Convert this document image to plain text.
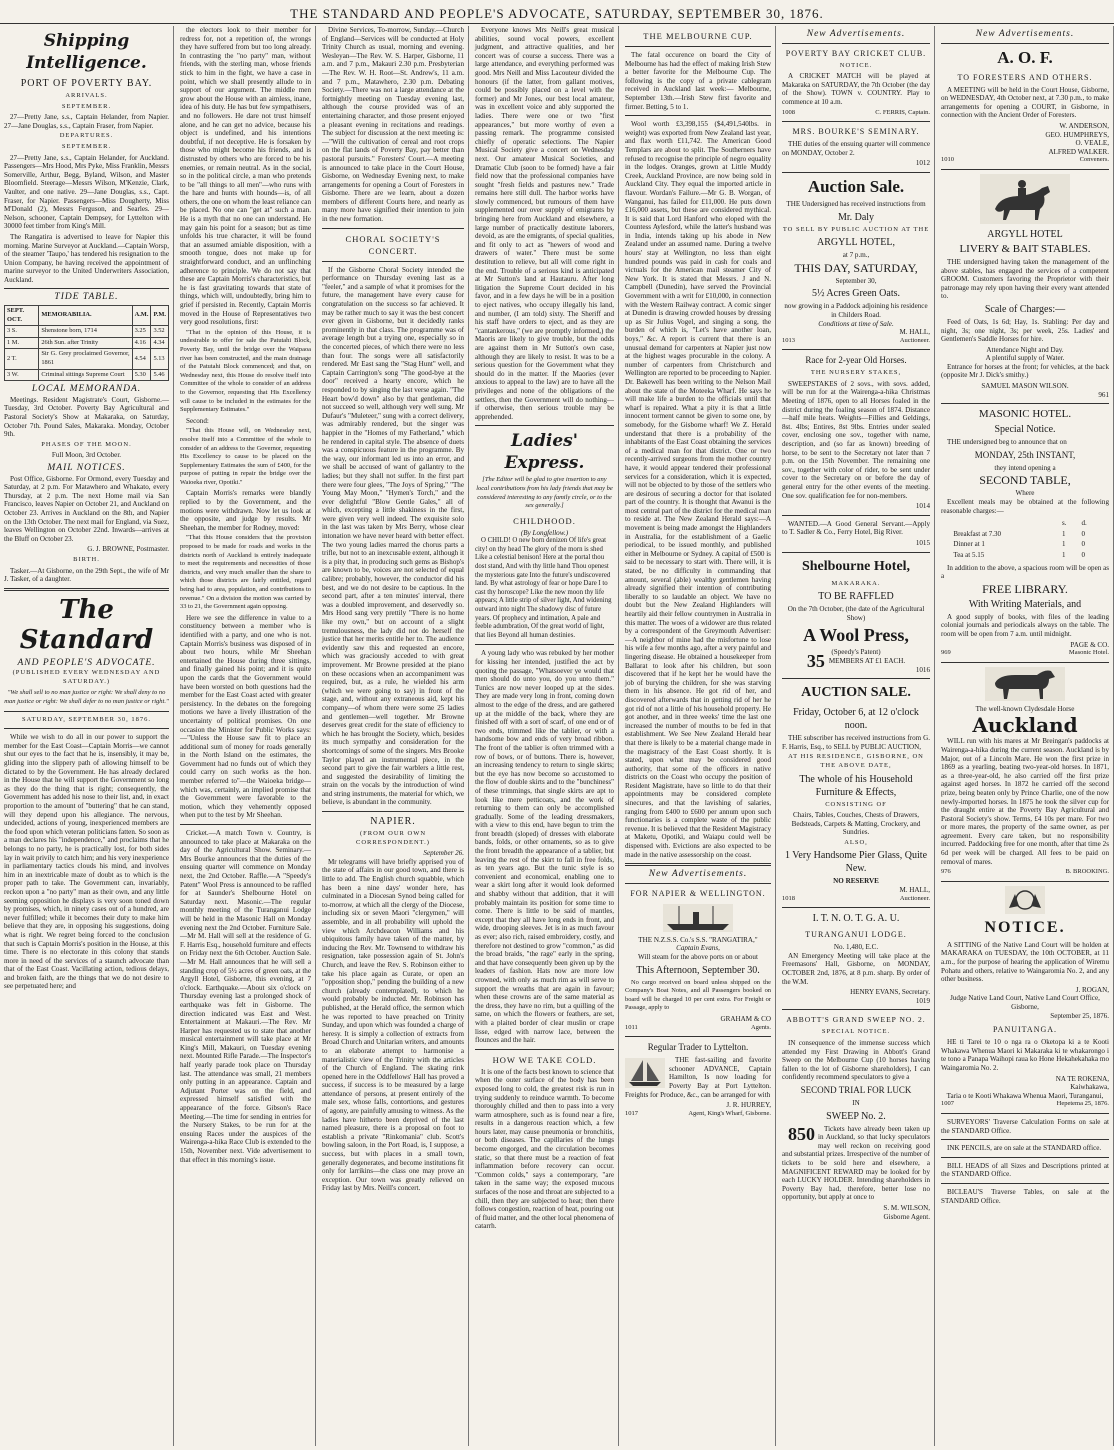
THE STANDARD AND PEOPLE'S ADVOCATE, SATURDAY, SEPTEMBER 30, 1876.
Shipping Intelligence.
PORT OF POVERTY BAY.
ARRIVALS.
SEPTEMBER.
27—Pretty Jane, s.s., Captain Helander, from Napier. 27—Jane Douglas, s.s., Captain Fraser, from Napier.
DEPARTURES.
SEPTEMBER.
27—Pretty Jane, s.s., Captain Helander, for Auckland. Passengers—Mrs Hood, Mrs Pyke, Miss Franklin, Messrs Somerville, Arthur, Begg, Byland, Wilson, and Master Bloomfield. Steerage—Messrs Wilson, M'Kenzie, Clark, Vaulter, and one native. 29—Jane Douglas, s.s., Capt. Fraser, for Napier. Passengers—Miss Dougherty, Miss M'Donald (2), Messrs Ferguson, and Searles. 29—Nelson, schooner, Captain Dempsey, for Lyttelton with 30000 feet timber from King's Mill.
The Rangatira is advertised to leave for Napier this morning. Marine Surveyor at Auckland.—Captain Worsp, of the steamer 'Taupo,' has tendered his resignation to the Union Company, he having received the appointment of marine surveyor to the United Underwriters Association, Auckland.
TIDE TABLE.
SEPT. OCT.	MEMORABILIA.	A.M.	P.M.
3 S.	Shenstone born, 1714	3.25	3.52
1 M.	26th Sun. after Trinity	4.16	4.34
2 T.	Sir G. Grey proclaimed Governor, 1861	4.54	5.13
3 W.	Criminal sittings Supreme Court	5.30	5.46
LOCAL MEMORANDA.
Meetings. Resident Magistrate's Court, Gisborne.—Tuesday, 3rd October. Poverty Bay Agricultural and Pastoral Society's Show at Makaraka, on Saturday, October 7th. Pound Sales, Makaraka. Monday, October 9th.
PHASES OF THE MOON.
Full Moon, 3rd October.
MAIL NOTICES.
Post Office, Gisborne. For Ormond, every Tuesday and Saturday, at 2 p.m. For Matawhero and Whakato, every Thursday, at 2 p.m. The next Home mail via San Francisco, leaves Napier on October 21, and Auckland on October 23. Arrives in Auckland on the 8th, and Napier on the 13th October. The next mail for England, via Suez, leaves Wellington on October 22nd. Inwards—arrives at the Bluff on October 23.
G. J. BROWNE, Postmaster.
BIRTH.
Tasker.—At Gisborne, on the 29th Sept., the wife of Mr J. Tasker, of a daughter.
The Standard
AND PEOPLE'S ADVOCATE.
(PUBLISHED EVERY WEDNESDAY AND SATURDAY.)
"We shall sell to no man justice or right: We shall deny to no man justice or right: We shall defer to no man justice or right."
SATURDAY, SEPTEMBER 30, 1876.
While we wish to do all in our power to support the member for the East Coast—Captain Morris—we cannot shut our eyes to the fact that he is, insensibly, it may be, gliding into the slippery path of allowing himself to be dictated to by the Government. He has already declared in the House that he will support the Government so long as they do the thing that is right; consequently, the Government has added his nose to their list, and, in exact proportion to the amount of "buttering" that he can stand, will they depend upon his allegiance. The nervous, undecided, actions of young, inexperienced members are the food upon which veteran politicians fatten. So soon as a man declares his "independence," and proclaims that he belongs to no party, he is practically lost, for both sides lay in wait privily to catch him; and his very inexperience in parliamentary tactics clouds his mind, and involves him in an inextricable maze of doubt as to which is the proper path to take. The Government can, invariably, reckon upon a "no party" man as their own, and any little seeming opposition he displays is very soon toned down by promises, which, in ninety cases out of a hundred, are never fulfilled; while it becomes their duty to make him believe that they are, in opposing his suggestions, doing what is right. We regret being forced to the conclusion that such is Captain Morris's position in the House, at this time. There is no electorate in this colony that stands more in need of the services of a staunch advocate than that of the East Coast. Vacillating action, tedious delays, and broken faith, are the things that we do not desire to see perpetuated here; and
the electors look to their member for redress for, not a repetition of, the wrongs they have suffered from but too long already. In contrasting the "no party" man, without friends, with the sterling man, whose friends stick to him in the fight, we have a case in point, which we shall presently allude to in support of our argument. The middle men grow about the House with an aimless, inane, idea of his duty. He has but few sympathisers, and no followers. He dare not trust himself alone, and he can get no advice, because his object is undefined, and his intentions doubtful, if not deceptive. He is forsaken by those who might become his friends, and is distrusted by others who are forced to be his enemies, or remain neutral. As in the social, so in the political circle, a man who pretends to be "all things to all men"—who runs with the hare and hunts with hounds—is, of all others, the one on whom the least reliance can be placed. No one can "get at" such a man. He is a myth that no one can understand. He may gain his point for a season; but as time unfolds his true character, it will be found that an assumed amiable disposition, with a smooth tongue, does not make up for straightforward conduct, and an unflinching adherence to principle. We do not say that these are Captain Morris's characteristics, but he is fast gravitating towards that state of things, which will, undoubtedly, bring him to grief if persisted in. Recently, Captain Morris moved in the House of Representatives two very good resolutions, first:
"That in the opinion of this House, it is undesirable to offer for sale the Patutahi Block, Poverty Bay, until the bridge over the Waipaoa river has been constructed, and the main drainage of the Patutahi Block commenced; and that, on Wednesday next, this House do resolve itself into Committee of the whole to consider of an address to the Governor, requesting that His Excellency will cause to be included in the estimates for the Supplementary Estimates."
Second:
"That this House will, on Wednesday next, resolve itself into a Committee of the whole to consider of an address to the Governor, requesting His Excellency to cause to be placed on the Supplementary Estimates the sum of £400, for the purpose of putting in repair the bridge over the Waioeka river, Opotiki."
Captain Morris's remarks were blandly replied to by the Government, and the motions were withdrawn. Now let us look at the opposite, and judge by results. Mr Sheehan, the member for Rodney, moved:
"That this House considers that the provision proposed to be made for roads and works in the districts north of Auckland is entirely inadequate to meet the requirements and necessities of those districts, and very much smaller than the share to which those districts are fairly entitled, regard being had to area, population, and contributions to revenue." On a division the motion was carried by 33 to 21, the Government again opposing.
Here we see the difference in value to a constituency between a member who is identified with a party, and one who is not. Captain Morris's business was disposed of in about two hours, while Mr Sheehan entertained the House during three sittings, and finally gained his point; and it is quite upon the cards that the Government would have been worsted on both questions had the member for the East Coast acted with greater persistency. In the debates on the foregoing motions we have a lively illustration of the uncertainty of political promises. On one occasion the Minister for Public Works says:—"Unless the House saw fit to place an additional sum of money for roads generally in the North Island on the estimates, the Government had no funds out of which they could carry on such works as the hon. member referred to"—the Waioeka bridge—which was, certainly, an implied promise that the Government were favorable to the motion, which they vehemently opposed when put to the test by Mr Sheehan.
Cricket.—A match Town v. Country, is announced to take place at Makaraka on the day of the Agricultural Show. Seminary.—Mrs Bourke announces that the duties of the ensuing quarter will commence on Monday next, the 2nd October. Raffle.—A "Speedy's Patent" Wool Press is announced to be raffled for at Saunder's Shelbourne Hotel on Saturday next. Masonic.—The regular monthly meeting of the Turanganui Lodge will be held in the Masonic Hall on Monday evening next the 2nd October. Furniture Sale.—Mr M. Hall will sell at the residence of G. F. Harris Esq., household furniture and effects on Friday next the 6th October. Auction Sale.—Mr M. Hall announces that he will sell a standing crop of 5½ acres of green oats, at the Argyll Hotel, Gisborne, this evening, at 7 o'clock. Earthquake.—About six o'clock on Thursday evening last a prolonged shock of earthquake was felt in Gisborne. The direction indicated was East and West. Entertainment at Makauri.—The Rev. Mr Harper has requested us to state that another musical entertainment will take place at Mr King's Mill, Makauri, on Tuesday evening next. Mounted Rifle Parade.—The Inspector's half yearly parade took place on Thursday last. The attendance was small, 21 members only putting in an appearance. Captain and Adjutant Porter was on the field, and expressed himself satisfied with the appearance of the force. Gibson's Race Meeting.—The time for sending in entries for the Nursery Stakes, to be run for at the ensuing Races under the auspices of the Wairenga-a-hika Race Club is extended to the 15th, November next. Vide advertisement to that effect in this morning's issue.
Divine Services, To-morrow, Sunday.—Church of England—Services will be conducted at Holy Trinity Church as usual, morning and evening. Wesleyan—The Rev. W. S. Harper, Gisborne, 11 a.m. and 7 p.m., Makauri 2.30 p.m. Presbyterian—The Rev. W. H. Root—St. Andrew's, 11 a.m. and 7 p.m., Matawhero, 2.30 p.m. Debating Society.—There was not a large attendance at the fortnightly meeting on Tuesday evening last, although the course provided was of an entertaining character, and those present enjoyed a pleasant evening in recitations and readings. The subject for discussion at the next meeting is:—"Will the cultivation of cereal and root crops on the flat lands of Poverty Bay, pay better than pastoral pursuits." Foresters' Court.—A meeting is announced to take place in the Court House, Gisborne, on Wednesday Evening next, to make arrangements for opening a Court of Foresters in Gisborne. There are we learn, about a dozen members of different Courts here, and nearly as many more have signified their intention to join in the new formation.
CHORAL SOCIETY'S CONCERT.
If the Gisborne Choral Society intended the performance on Thursday evening last as a "feeler," and a sample of what it promises for the future, the management have every cause for congratulation on the success so far achieved. It may be rather much to say it was the best concert ever given in Gisborne, but it decidedly ranks prominently in that class. The programme was of average length but a trying one, especially so in the concerted pieces, of which there were no less than four. The songs were all satisfactorily rendered. Mr East sang the "Stag Hunt" well, and Captain Carrington's song "The good-bye at the door" received a hearty encore, which he responded to by singing the last verse again. "The Heart bow'd down" also by that gentleman, did not succeed so well, although very well sung. Mr Dufaur's "Muleteer," sung with a correct delivery, was admirably rendered, but the singer was happier in the "Homes of my Fatherland," which he rendered in capital style. The absence of duets was a conspicuous feature in the programme. By the way, our informant led us into an error, and we shall be accused of want of gallantry to the ladies; but they shall not suffer. In the first part there were four glees, "The Joys of Spring," "The Young May Moon," "Hymen's Torch," and the ever delightful "Blow Gentle Gales," all of which, excepting a little shakiness in the first, were given very well indeed. The exquisite solo in the last was taken by Mrs Berry, whose clear intonation we have never heard with better effect. The two young ladies marred the chorus parts a trifle, but not to an inexcusable extent, although it is a pity that, in producing such gems as Bishop's are known to be, voices are not selected of equal calibre; probably, however, the conductor did his best, and we do not desire to be captious. In the second part, after a ten minutes' interval, there was a doubled improvement, and deservedly so. Mrs Hood sang very prettily "There is no home like my own," but on account of a slight tremulousness, the lady did not do herself the justice that her merits entitle her to. The audience evidently saw this and requested an encore, which was graciously acceded to with great improvement. Mr Browne presided at the piano on these occasions when an accompaniment was required, but, as a rule, he wielded his arm (which we were going to say) in front of the stage, and, without any extraneous aid, kept his company—of whom there were some 25 ladies and gentlemen—well together. Mr Browne deserves great credit for the state of efficiency to which he has brought the Society, which, besides its much sympathy and consideration for the shortcomings of some of the singers. Mrs Brooke Taylor played an instrumental piece, in the second part to give the fair warblers a little rest, and suggested the desirability of limiting the strain on the vocals by the introduction of wind and string instruments, the material for which, we believe, is abundant in the community.
NAPIER.
(FROM OUR OWN CORRESPONDENT.)
September 26.
Mr telegrams will have briefly apprised you of the state of affairs in our good town, and there is little to add. The English church squabble, which has been a nine days' wonder here, has culminated in a Diocesan Synod being called for to-morrow, at which all the clergy of the Diocese, including six or seven Maori "clergymen," will assemble, and in all probability will uphold the view which Archdeacon Williams and his ubiquitous family have taken of the matter, by inducing the Rev. Mr. Townsend to withdraw his resignation, take possession again of St. John's Church, and leave the Rev. S. Robinson either to take his place again as Curate, or open an "opposition shop," pending the building of a new church (already contemplated), to which he would probably be inducted. Mr. Robinson has published, at the Herald office, the sermon which he was reported to have preached on Trinity Sunday, and upon which was founded a charge of heresy. It is simply a collection of extracts from Broad Church and Unitarian writers, and amounts to an elaborate attempt to harmonise a materialistic view of the Trinity with the articles of the Church of England. The skating rink opened here in the Oddfellows' Hall has proved a success, if success is to be measured by a large attendance of persons, at present entirely of the male sex, whose falls, contortions, and gestures of agony, are painfully amusing to witness. As the ladies have hitherto been deprived of the last named pleasure, there is a proposal on foot to establish a private "Rinkomania" club. Scott's bowling saloon, in the Port Road, is, I suppose, a success, but with places in a small town, generally degenerates, and become institutions fit only for larrikins—the class one may prove an exception. Our town was greatly relieved on Friday last by Mrs. Neill's concert.
Everyone knows Mrs Neill's great musical abilities, sound vocal powers, excellent judgment, and attractive qualities, and her concert was of course a success. There was a large attendance, and everything performed was good. Mrs Neill and Miss Lacouteur divided the honours (if the latter, from gallant motives, could be possibly placed on a level with the former) and Mr Jones, our best local amateur, was in excellent voice and ably supported the ladies. There were one or two "first appearances," but more worthy of even a passing remark. The programme consisted chiefly of operatic selections. The Napier Musical Society give a concert on Wednesday next. Our amateur Musical Societies, and Dramatic Club (soon to be formed) have a fair field now that the professional companies have sought "fresh fields and pastures new." Trade remains here still dull. The harbor works have slowly commenced, but rumours of them have supplemented our over supply of emigrants by bringing here from Auckland and elsewhere, a large number of practically destitute laborers, devoid, as are the emigrants, of special qualities, and fit only to act as "hewers of wood and drawers of water." There must be some destitution to relieve, but all will come right in the end. Trouble of a serious kind is anticipated at Mr Sutton's land at Hautauru. After long litigation the Supreme Court decided in his favor, and in a few days he will be in a position to eject natives, who occupy illegally his land, and number, (I am told) sixty. The Sheriff and his staff have orders to eject, and as they are "cantankerous," (we are promptly informed,) the Maoris are likely to give trouble, but the odds are against them in Mr Sutton's own case, although they are likely to resist. It was to be a serious question for the Government what they should do in the matter. If the Maories (ever anxious to appeal to the law) are to have all the privileges and none of the obligations of the settlers, then the Government will do nothing—if otherwise, then serious trouble may be apprehended.
Ladies' Express.
[The Editor will be glad to give insertion to any local contributions from his lady friends that may be considered interesting to any family circle, or to the sex generally.]
CHILDHOOD.
(By Longfellow.)
O CHILD! O new born denizen Of life's great city! on thy head The glory of the morn is shed Like a celestial benison! Here at the portal thou dost stand, And with thy little hand Thou openest the mysterious gate Into the future's undiscovered land. By what astrology of fear or hope Dare I to cast thy horoscope? Like the new moon thy life appears; A little strip of silver light, And widening outward into night The shadowy disc of future years. Of prophecy and intimation, A pale and feeble adumbration, Of the great world of light, that lies Beyond all human destinies.
A young lady who was rebuked by her mother for kissing her intended, justified the act by quoting the passage, "Whatsoever ye would that men should do unto you, do you unto them." Tunics are now never looped up at the sides. They are made very long in front, coming down almost to the edge of the dress, and are gathered up at the middle of the back, where they are finished off with a sort of scarf, of one end or of two ends, trimmed like the tablier, or with a handsome bow and ends of very broad ribbon. The front of the tablier is often trimmed with a row of bows, or of buttons. There is, however, an increasing tendency to return to single skirts; but the eye has now become so accustomed to the flow of double skirts and to the "bunchiness" of these trimmings, that single skirts are apt to look like mere petticoats, and the work of returning to them can only be accomplished gradually. Some of the leading dressmakers, with a view to this end, have begun to trim the front breadth (sloped) of dresses with elaborate bands, folds, or other ornaments, so as to give the front breadth the appearance of a tablier, but leaving the rest of the skirt to fall in free folds, as ten years ago. But the tunic style is so convenient and economical, enabling one to wear a skirt long after it would look deformed and shabby without that addition, that it will probably maintain its position for some time to come. There is little to be said of mantles, except that they all have long ends in front, and wide, drooping sleeves. Jet is in as much favour as ever; also rich, raised embroidery, costly, and therefore not destined to grow "common," as did the broad braids, "the rage" early in the spring, and that have consequently been given up by the leaders of fashion. Hats now are more low crowned, with only as much rim as will serve to support the wreaths that are again in favour; when these crowns are of the same material as the dress, they have no rim, but a quilling of the same, on which the flowers or feathers, are set, with a plaited border of clear muslin or crape lisse, edged with narrow lace, between the flounces and the hair.
HOW WE TAKE COLD.
It is one of the facts best known to science that when the outer surface of the body has been exposed long to cold, the greatest risk is run in trying suddenly to reinduce warmth. To become thoroughly chilled and then to pass into a very warm atmosphere, such as is found near a fire, results in a dangerous reaction which, a few hours later, may cause pneumonia or bronchitis, or both diseases. The capillaries of the lungs become engorged, and the circulation becomes static, so that there must be a reaction of feat inflammation before recovery can occur. "Common colds," says a contemporary, "are taken in the same way; the exposed mucous surfaces of the nose and throat are subjected to a chill, then they are subjected to heat; then there follows congestion, reaction of heat, pouring out of fluid matter, and the other local phenomena of catarrh.
THE MELBOURNE CUP.
The fatal occurence on board the City of Melbourne has had the effect of making Irish Stew a better favorite for the Melbourne Cup. The following is the copy of a private cablegram received in Auckland last week:— Melbourne, September 13th.—Irish Stew first favorite and firmer. Betting, 5 to 1.
Wool worth £3,398,155 ($4,491,540lbs. in weight) was exported from New Zealand last year, and flax worth £11,742. The American Good Templars are about to split. The Southerners have refused to recognise the principle of negro equality in the lodges. Oranges, grown at Little Muddy Creek, Auckland Province, are now being sold in Auckland City. They equal the imported article in flavour. Wordan's Failure.—Mr G. B. Worgan, of Wanganui, has failed for £11,000. He puts down £16,000 assets, but these are considered mythical. It is said that Lord Hanford who eloped with the Countess Aylesford, while the latter's husband was in India, intends taking up his abode in New Zealand under an assumed name. During a twelve hours' stay at Wellington, no less than eight hundred pounds was paid in cash for coals and victuals for the American mail steamer City of New York. It is stated that Messrs. J and N. Campbell (Dunedin), have served the Provincial Government with a writ for £10,000, in connection with the Western Railway contract. A comic singer at Dunedin is drawing crowded houses by dressing up as Sir Julius Vogel, and singing a song, the burden of which is, "Let's have another loan, boys," &c. A report is current that there is an unusual demand for carpenters at Napier just now at the highest wages procurable in the colony. A number of carpenters from Christchurch and Wellington are reported to be proceeding to Napier. Dr. Bakewell has been writing to the Nelson Mail about the state of the Moteeka Wharf. He says he will make life a burden to the officials until that wharf is repaired. What a pity it is that a little innocent torment cannot be given to some one, by somebody, for the Gisborne wharf! We Z. Herald understand that there is a probability of the inhabitants of the East Coast obtaining the services of a medical man for that district. One or two recently-arrived surgeons from the mother country have, it would appear tendered their professional services for a consideration, which it is expected, will not be objected to by those of the settlers who are desirous of securing a doctor for that isolated part of the country. It is thought that Awanui is the most central part of the district for the medical man to reside at. The New Zealand Herald says:—A movement is being made amongst the Highlanders in Australia, for the establishment of a Gaelic periodical, to be issued monthly, and published either in Melbourne or Sydney. A capital of £500 is said to be necessary to start with. There will, it is stated, be no difficulty in commanding that amount, several (able) wealthy gentlemen having already signified their intention of contributing liberally to so laudable an object. We have no doubt but the New Zealand Highlanders will heartily aid their fellow countrymen in Australia in this matter. The woes of a widower are thus related by a correspondent of the Greymouth Advertiser:—A neighbor of mine had the misfortune to lose his wife a few months ago, after a very painful and lingering disease. He obtained a housekeeper from Ballarat to look after his children, but soon discovered that if he kept her he would have the job of burying the children, for she was starving them in his absence. He got rid of her, and discovered afterwards that in getting rid of her he got rid of not a little of his household property. He got another, and in three weeks' time the last one increased the number of mouths to be fed in that establishment. We See New Zealand Herald hear that there is likely to be a material change made in the magistracy of the East Coast shortly. It is stated, upon what may be considered good authority, that some of the officers in native districts on the Coast who occupy the position of Resident Magistrate, have so little to do that their appointments may be considered complete sinecures, and that the lavishing of salaries, ranging from £400 to £600 per annum upon such functionaries is a complete waste of the public revenue. It is believed that the Resident Magistracy at Maketu, Opotiki, and Waiapu could well be dispensed with. Evictions are also expected to be made in the native assessorship on the coast.
New Advertisements.
FOR NAPIER & WELLINGTON.
THE N.Z.S.S. Co.'s S.S. "RANGATIRA,"
Captain Evans,
Will steam for the above ports on or about
This Afternoon, September 30.
No cargo received on board unless shipped on the Company's Boat Notes, and all Passengers booked on board will be charged 10 per cent extra. For Freight or Passage, apply to
GRAHAM & CO
1011	Agents.
Regular Trader to Lyttelton.
THE fast-sailing and favorite schooner ADVANCE, Captain Hamilton, Is now loading for Poverty Bay at Port Lyttelton. Freights for Produce, &c., can be arranged for with
J. R. HURREY,
1017	Agent, King's Wharf, Gisborne.
New Advertisements.
POVERTY BAY CRICKET CLUB.
NOTICE.
A CRICKET MATCH will be played at Makaraka on SATURDAY, the 7th October (the day of the Show). TOWN v. COUNTRY. Play to commence at 10 a.m.
1008	C. FERRIS, Captain.
MRS. BOURKE'S SEMINARY.
THE duties of the ensuing quarter will commence on MONDAY, October 2.
1012
Auction Sale.
THE Undersigned has received instructions from
Mr. Daly
TO SELL BY PUBLIC AUCTION AT THE
ARGYLL HOTEL,
at 7 p.m.,
THIS DAY, SATURDAY,
September 30,
5½ Acres Green Oats.
now growing in a Paddock adjoining his residence in Childers Road.
Conditions at time of Sale.
M. HALL,
1013	Auctioneer.
Race for 2-year Old Horses.
THE NURSERY STAKES,
SWEEPSTAKES of 2 sovs., with sovs. added, will be run for at the Wairenga-a-hika Christmas Meeting of 1876, open to all Horses foaled in the district during the foaling season of 1874. Distance—half mile heats. Weights—Fillies and Geldings, 8st. 4lbs; Entires, 8st 9lbs. Entries under sealed cover, enclosing one sov., together with name, description, and (so far as known) breeding of horse, to be sent to the Secretary not later than 7 p.m. on the 15th November. The remaining one sov., together with color of rider, to be sent under cover to the Secretary on or before the day of general entry for the other events of the meeting. One sov. qualification fee for non-members.
1014
WANTED.—A Good General Servant.—Apply to T. Sadler & Co., Ferry Hotel, Big River.
1015
Shelbourne Hotel,
MAKARAKA.
TO BE RAFFLED
On the 7th October, (the date of the Agricultural Show)
A Wool Press,
(Speedy's Patent)
35 MEMBERS AT £1 EACH.
1016
AUCTION SALE.
Friday, October 6, at 12 o'clock noon.
THE subscriber has received instructions from G. F. Harris, Esq., to SELL by PUBLIC AUCTION,
AT HIS RESIDENCE, GISBORNE, ON THE ABOVE DATE,
The whole of his Household Furniture & Effects,
CONSISTING OF
Chairs, Tables, Couches, Chests of Drawers, Bedsteads, Carpets & Matting, Crockery, and Sundries.
ALSO,
1 Very Handsome Pier Glass, Quite New.
NO RESERVE
M. HALL,
1018	Auctioneer.
I. T. N. O. T. G. A. U.
TURANGANUI LODGE.
No. 1,480, E.C.
AN Emergency Meeting will take place at the Freemasons' Hall, Gisborne, on MONDAY, OCTOBER 2nd, 1876, at 8 p.m. sharp. By order of the W.M.
HENRY EVANS, Secretary.
1019
ABBOTT'S GRAND SWEEP NO. 2.
SPECIAL NOTICE.
IN consequence of the immense success which attended my First Drawing in Abbott's Grand Sweep on the Melbourne Cup (10 horses having fallen to the lot of Gisborne shareholders), I can confidently recommend speculators to give a
SECOND TRIAL FOR LUCK
IN
SWEEP No. 2.
850 Tickets have already been taken up in Auckland, so that lucky speculators may well reckon on receiving good and substantial prizes. Irrespective of the number of tickets to be sold here and elsewhere, a MAGNIFICENT REWARD may be looked for by each LUCKY HOLDER. Intending shareholders in Poverty Bay had, therefore, better lose no opportunity, but apply at once to
S. M. WILSON,
Gisborne Agent.
New Advertisements.
A. O. F.
TO FORESTERS AND OTHERS.
A MEETING will be held in the Court House, Gisborne, on WEDNESDAY, 4th October next, at 7.30 p.m., to make arrangements for opening a COURT, in Gisborne, in connection with the Ancient Order of Foresters.
W. ANDERSON,
GEO. HUMPHREYS,
O. VEALE,
ALFRED WALKER.
1010	Conveners.
ARGYLL HOTEL
LIVERY & BAIT STABLES.
THE undersigned having taken the management of the above stables, has engaged the services of a competent GROOM. Customers favoring the Proprietor with their patronage may rely upon having their every want attended to.
Scale of Charges:—
Feed of Oats, 1s 6d; Hay, 1s. Stabling: Per day and night, 3s; one night, 3s; per week, 25s. Ladies' and Gentlemen's Saddle Horses for hire.
Attendance Night and Day.
A plentiful supply of Water.
Entrance for horses at the front; for vehicles, at the back (opposite Mr J. Dick's smithy.)
SAMUEL MASON WILSON.
961
MASONIC HOTEL.
Special Notice.
THE undersigned beg to announce that on
MONDAY, 25th INSTANT,
they intend opening a
SECOND TABLE,
Where
Excellent meals may be obtained at the following reasonable charges:—
	s.	d.
Breakfast at 7.30	1	0
Dinner at 1	1	0
Tea at 5.15	1	0
In addition to the above, a spacious room will be open as a
FREE LIBRARY.
With Writing Materials, and
A good supply of books, with files of the leading colonial journals and periodicals always on the table. The room will be open from 7 a.m. until midnight.
PAGE & CO.
969	Masonic Hotel.
The well-known Clydesdale Horse
Auckland
WILL run with his mares at Mr Breingan's paddocks at Wairenga-a-hika during the current season. Auckland is by Major, out of a Lincoln Mare. He won the first prize in 1869 as a yearling, beating two-year-old horses. In 1871, as a three-year-old, he also carried off the first prize against aged horses. In 1872 he carried off the second prize, being beaten only by Prince Charlie, one of the now newly-imported horses. In 1875 he took the silver cup for the draught entire at the Poverty Bay Agricultural and Pastoral Society's show. Terms, £4 10s per mare. For two or more mares, the property of the same owner, as per agreement. Every care taken, but no responsibility incurred. Paddocking free for one month, after that time 2s 6d per week will be charged. All fees to be paid on removal of mares.
976	B. BROOKING.
NOTICE.
A SITTING of the Native Land Court will be holden at MAKARAKA on TUESDAY, the 10th OCTOBER, at 11 a.m., for the purpose of hearing the application of Wiremu Pohatu and others, relative to Waingaromia No. 2, and any other business.
J. ROGAN,
Judge Native Land Court, Native Land Court Office, Gisborne,
September 25, 1876.
PANUITANGA.
HE ti Tarei te 10 o nga ra o Oketopa ki a te Kooti Whakawa Whenua Maori ki Makaraka ki te whakarongo i te tono a Panapa Waihopi raua ko Hone Hekahekahaka mo Waingaromia No. 2.
NA TE ROKENA,
Kaiwhakawa,
Taria o te Kooti Whakawa Whenua Maori, Turanganui,
1007	Hepetema 25, 1876.
SURVEYORS' Traverse Calculation Forms on sale at the STANDARD Office.
INK PENCILS, are on sale at the STANDARD office.
BILL HEADS of all Sizes and Descriptions printed at the STANDARD Office.
BICLEAU'S Traverse Tables, on sale at the STANDARD Office.
